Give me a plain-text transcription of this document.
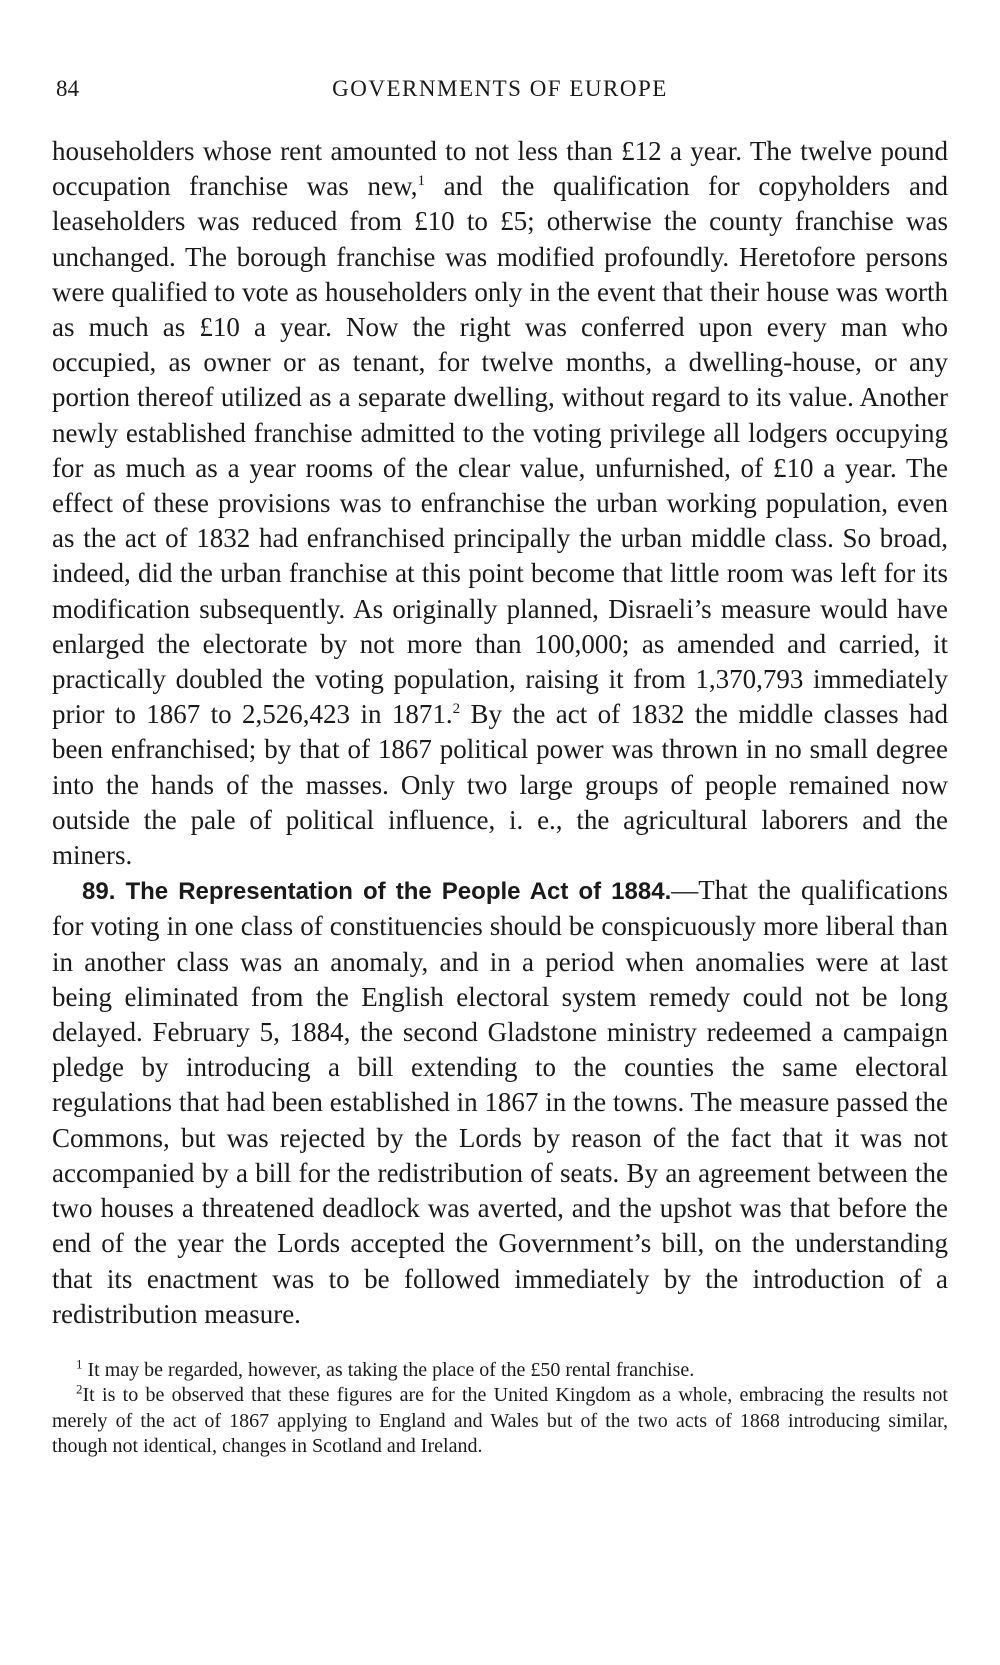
84	GOVERNMENTS OF EUROPE

householders whose rent amounted to not less than £12 a year. The twelve pound occupation franchise was new,$^1$ and the qualification for copyholders and leaseholders was reduced from £10 to £5; otherwise the county franchise was unchanged. The borough franchise was modified profoundly. Heretofore persons were qualified to vote as householders only in the event that their house was worth as much as £10 a year. Now the right was conferred upon every man who occupied, as owner or as tenant, for twelve months, a dwelling-house, or any portion thereof utilized as a separate dwelling, without regard to its value. Another newly established franchise admitted to the voting privilege all lodgers occupying for as much as a year rooms of the clear value, unfurnished, of £10 a year. The effect of these provisions was to enfranchise the urban working population, even as the act of 1832 had enfranchised principally the urban middle class. So broad, indeed, did the urban franchise at this point become that little room was left for its modification subsequently. As originally planned, Disraeli’s measure would have enlarged the electorate by not more than 100,000; as amended and carried, it practically doubled the voting population, raising it from 1,370,793 immediately prior to 1867 to 2,526,423 in 1871.$^2$ By the act of 1832 the middle classes had been enfranchised; by that of 1867 political power was thrown in no small degree into the hands of the masses. Only two large groups of people remained now outside the pale of political influence, i. e., the agricultural laborers and the miners.

89. The Representation of the People Act of 1884.—That the qualifications for voting in one class of constituencies should be conspicuously more liberal than in another class was an anomaly, and in a period when anomalies were at last being eliminated from the English electoral system remedy could not be long delayed. February 5, 1884, the second Gladstone ministry redeemed a campaign pledge by introducing a bill extending to the counties the same electoral regulations that had been established in 1867 in the towns. The measure passed the Commons, but was rejected by the Lords by reason of the fact that it was not accompanied by a bill for the redistribution of seats. By an agreement between the two houses a threatened deadlock was averted, and the upshot was that before the end of the year the Lords accepted the Government’s bill, on the understanding that its enactment was to be followed immediately by the introduction of a redistribution measure.

$^1$ It may be regarded, however, as taking the place of the £50 rental franchise.

$^2$It is to be observed that these figures are for the United Kingdom as a whole, embracing the results not merely of the act of 1867 applying to England and Wales but of the two acts of 1868 introducing similar, though not identical, changes in Scotland and Ireland.
